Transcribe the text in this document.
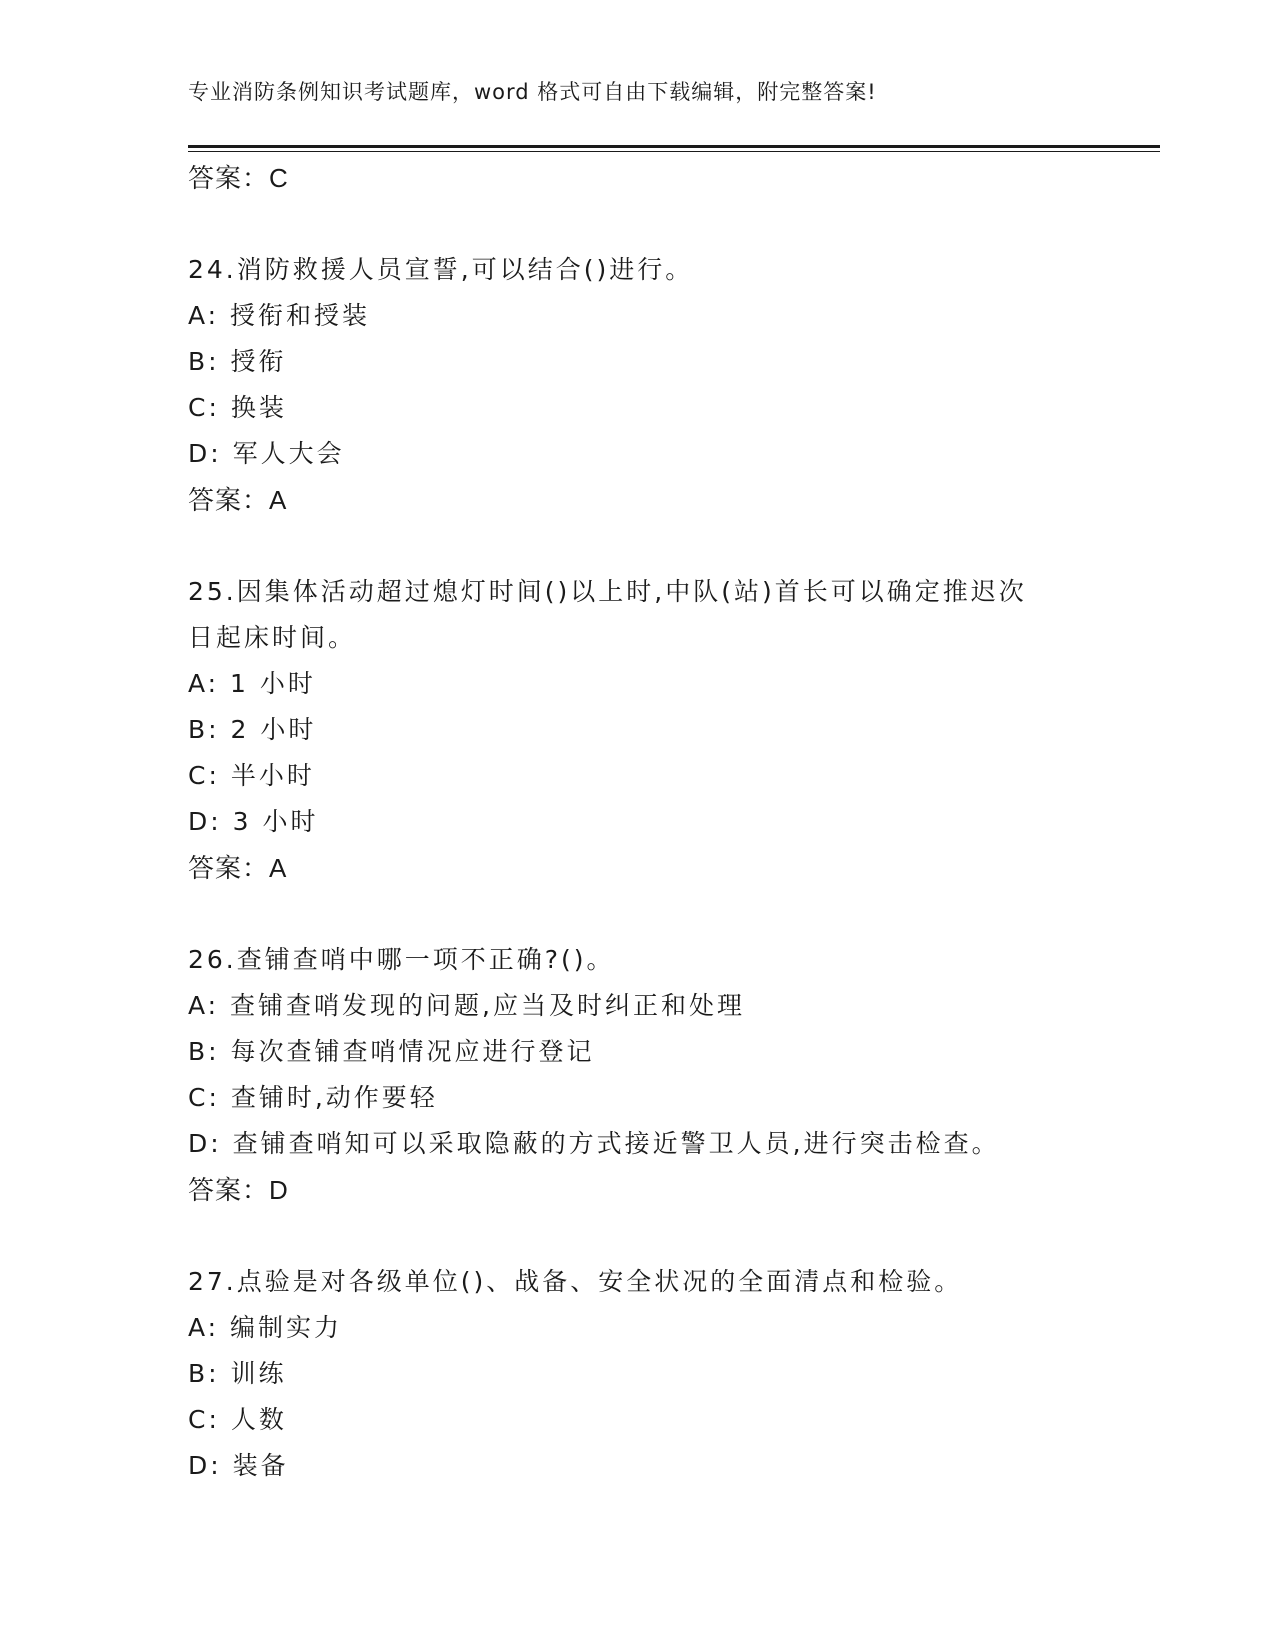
专业消防条例知识考试题库，word 格式可自由下载编辑，附完整答案!
答案：C
24.消防救援人员宣誓,可以结合()进行。
A: 授衔和授装
B: 授衔
C: 换装
D: 军人大会
答案：A
25.因集体活动超过熄灯时间()以上时,中队(站)首长可以确定推迟次
日起床时间。
A: 1 小时
B: 2 小时
C: 半小时
D: 3 小时
答案：A
26.查铺查哨中哪一项不正确?()。
A: 查铺查哨发现的问题,应当及时纠正和处理
B: 每次查铺查哨情况应进行登记
C: 查铺时,动作要轻
D: 查铺查哨知可以采取隐蔽的方式接近警卫人员,进行突击检查。
答案：D
27.点验是对各级单位()、战备、安全状况的全面清点和检验。
A: 编制实力
B: 训练
C: 人数
D: 装备
